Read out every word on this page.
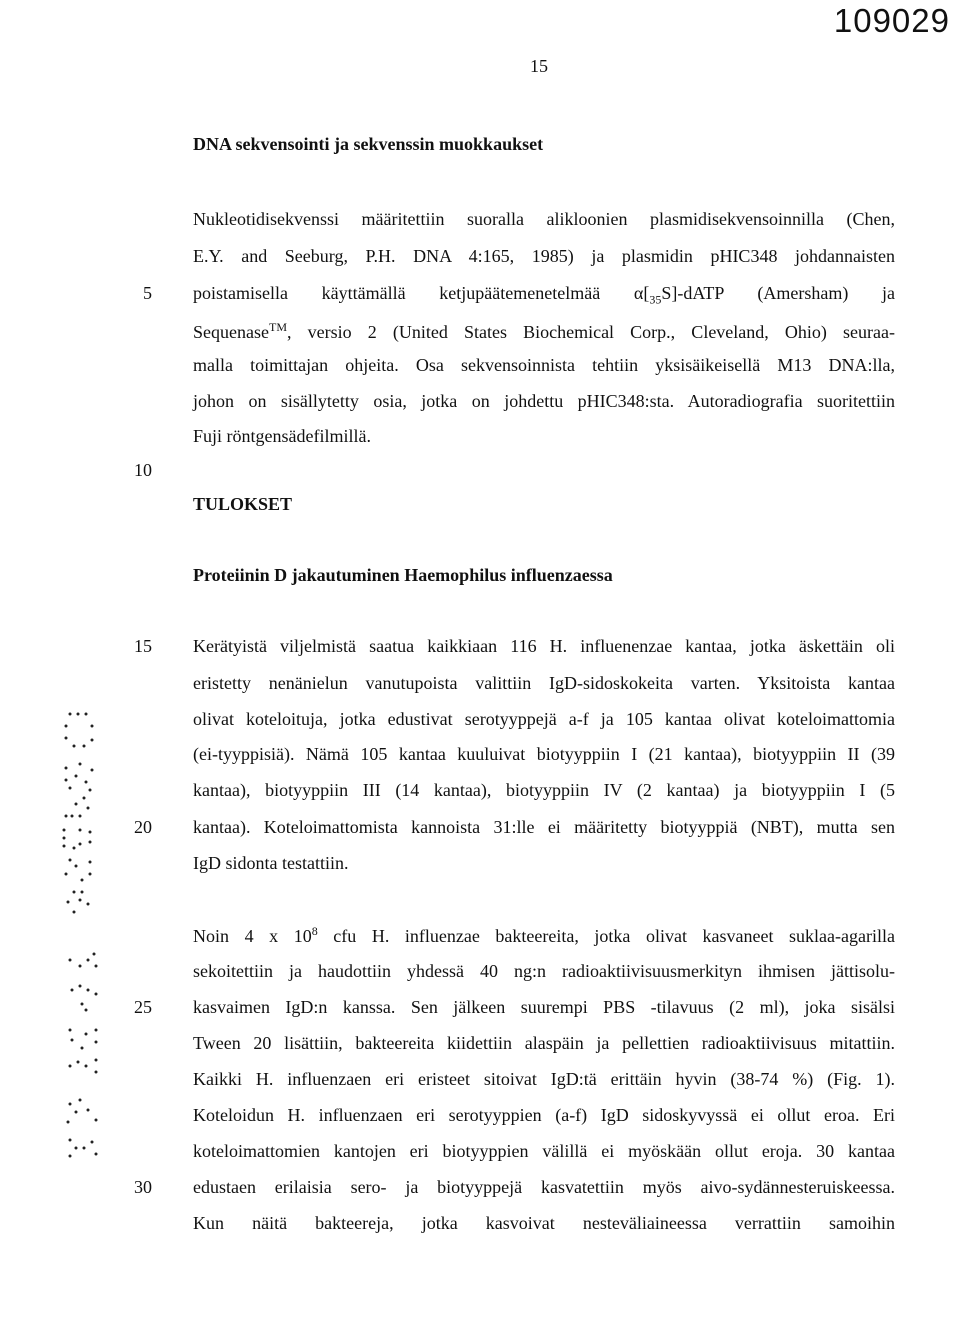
109029
15
DNA sekvensointi ja sekvenssin muokkaukset
Nukleotidisekvenssi määritettiin suoralla alikloonien plasmidisekvensoinnilla (Chen,
E.Y. and Seeburg, P.H. DNA 4:165, 1985) ja plasmidin pHIC348 johdannaisten
poistamisella käyttämällä ketjupäätemenetelmää $\alpha[_{35}S]$-dATP (Amersham) ja
Sequenase™, versio 2 (United States Biochemical Corp., Cleveland, Ohio) seuraa-
malla toimittajan ohjeita. Osa sekvensoinnista tehtiin yksisäikeisellä M13 DNA:lla,
johon on sisällytetty osia, jotka on johdettu pHIC348:sta. Autoradiografia suoritettiin
Fuji röntgensädefilmillä.
TULOKSET
Proteiinin D jakautuminen Haemophilus influenzaessa
Kerätyistä viljelmistä saatua kaikkiaan 116 H. influenenzae kantaa, jotka äskettäin oli
eristetty nenänielun vanutupoista valittiin IgD-sidoskokeita varten. Yksitoista kantaa
olivat koteloituja, jotka edustivat serotyyppejä a-f ja 105 kantaa olivat koteloimattomia
(ei-tyyppisiä). Nämä 105 kantaa kuuluivat biotyyppiin I (21 kantaa), biotyyppiin II (39
kantaa), biotyyppiin III (14 kantaa), biotyyppiin IV (2 kantaa) ja biotyyppiin I (5
kantaa). Koteloimattomista kannoista 31:lle ei määritetty biotyyppiä (NBT), mutta sen
IgD sidonta testattiin.
Noin 4 x $10^8$ cfu H. influenzae bakteereita, jotka olivat kasvaneet suklaa-agarilla
sekoitettiin ja haudottiin yhdessä 40 ng:n radioaktiivisuusmerkityn ihmisen jättisolu-
kasvaimen IgD:n kanssa. Sen jälkeen suurempi PBS -tilavuus (2 ml), joka sisälsi
Tween 20 lisättiin, bakteereita kiidettiin alaspäin ja pellettien radioaktiivisuus mitattiin.
Kaikki H. influenzaen eri eristeet sitoivat IgD:tä erittäin hyvin (38-74 %) (Fig. 1).
Koteloidun H. influenzaen eri serotyyppien (a-f) IgD sidoskyvyssä ei ollut eroa. Eri
koteloimattomien kantojen eri biotyyppien välillä ei myöskään ollut eroja. 30 kantaa
edustaen erilaisia sero- ja biotyyppejä kasvatettiin myös aivo-sydännesteruiskeessa.
Kun näitä bakteereja, jotka kasvoivat nesteväliaineessa verrattiin samoihin
5
10
15
20
25
30
